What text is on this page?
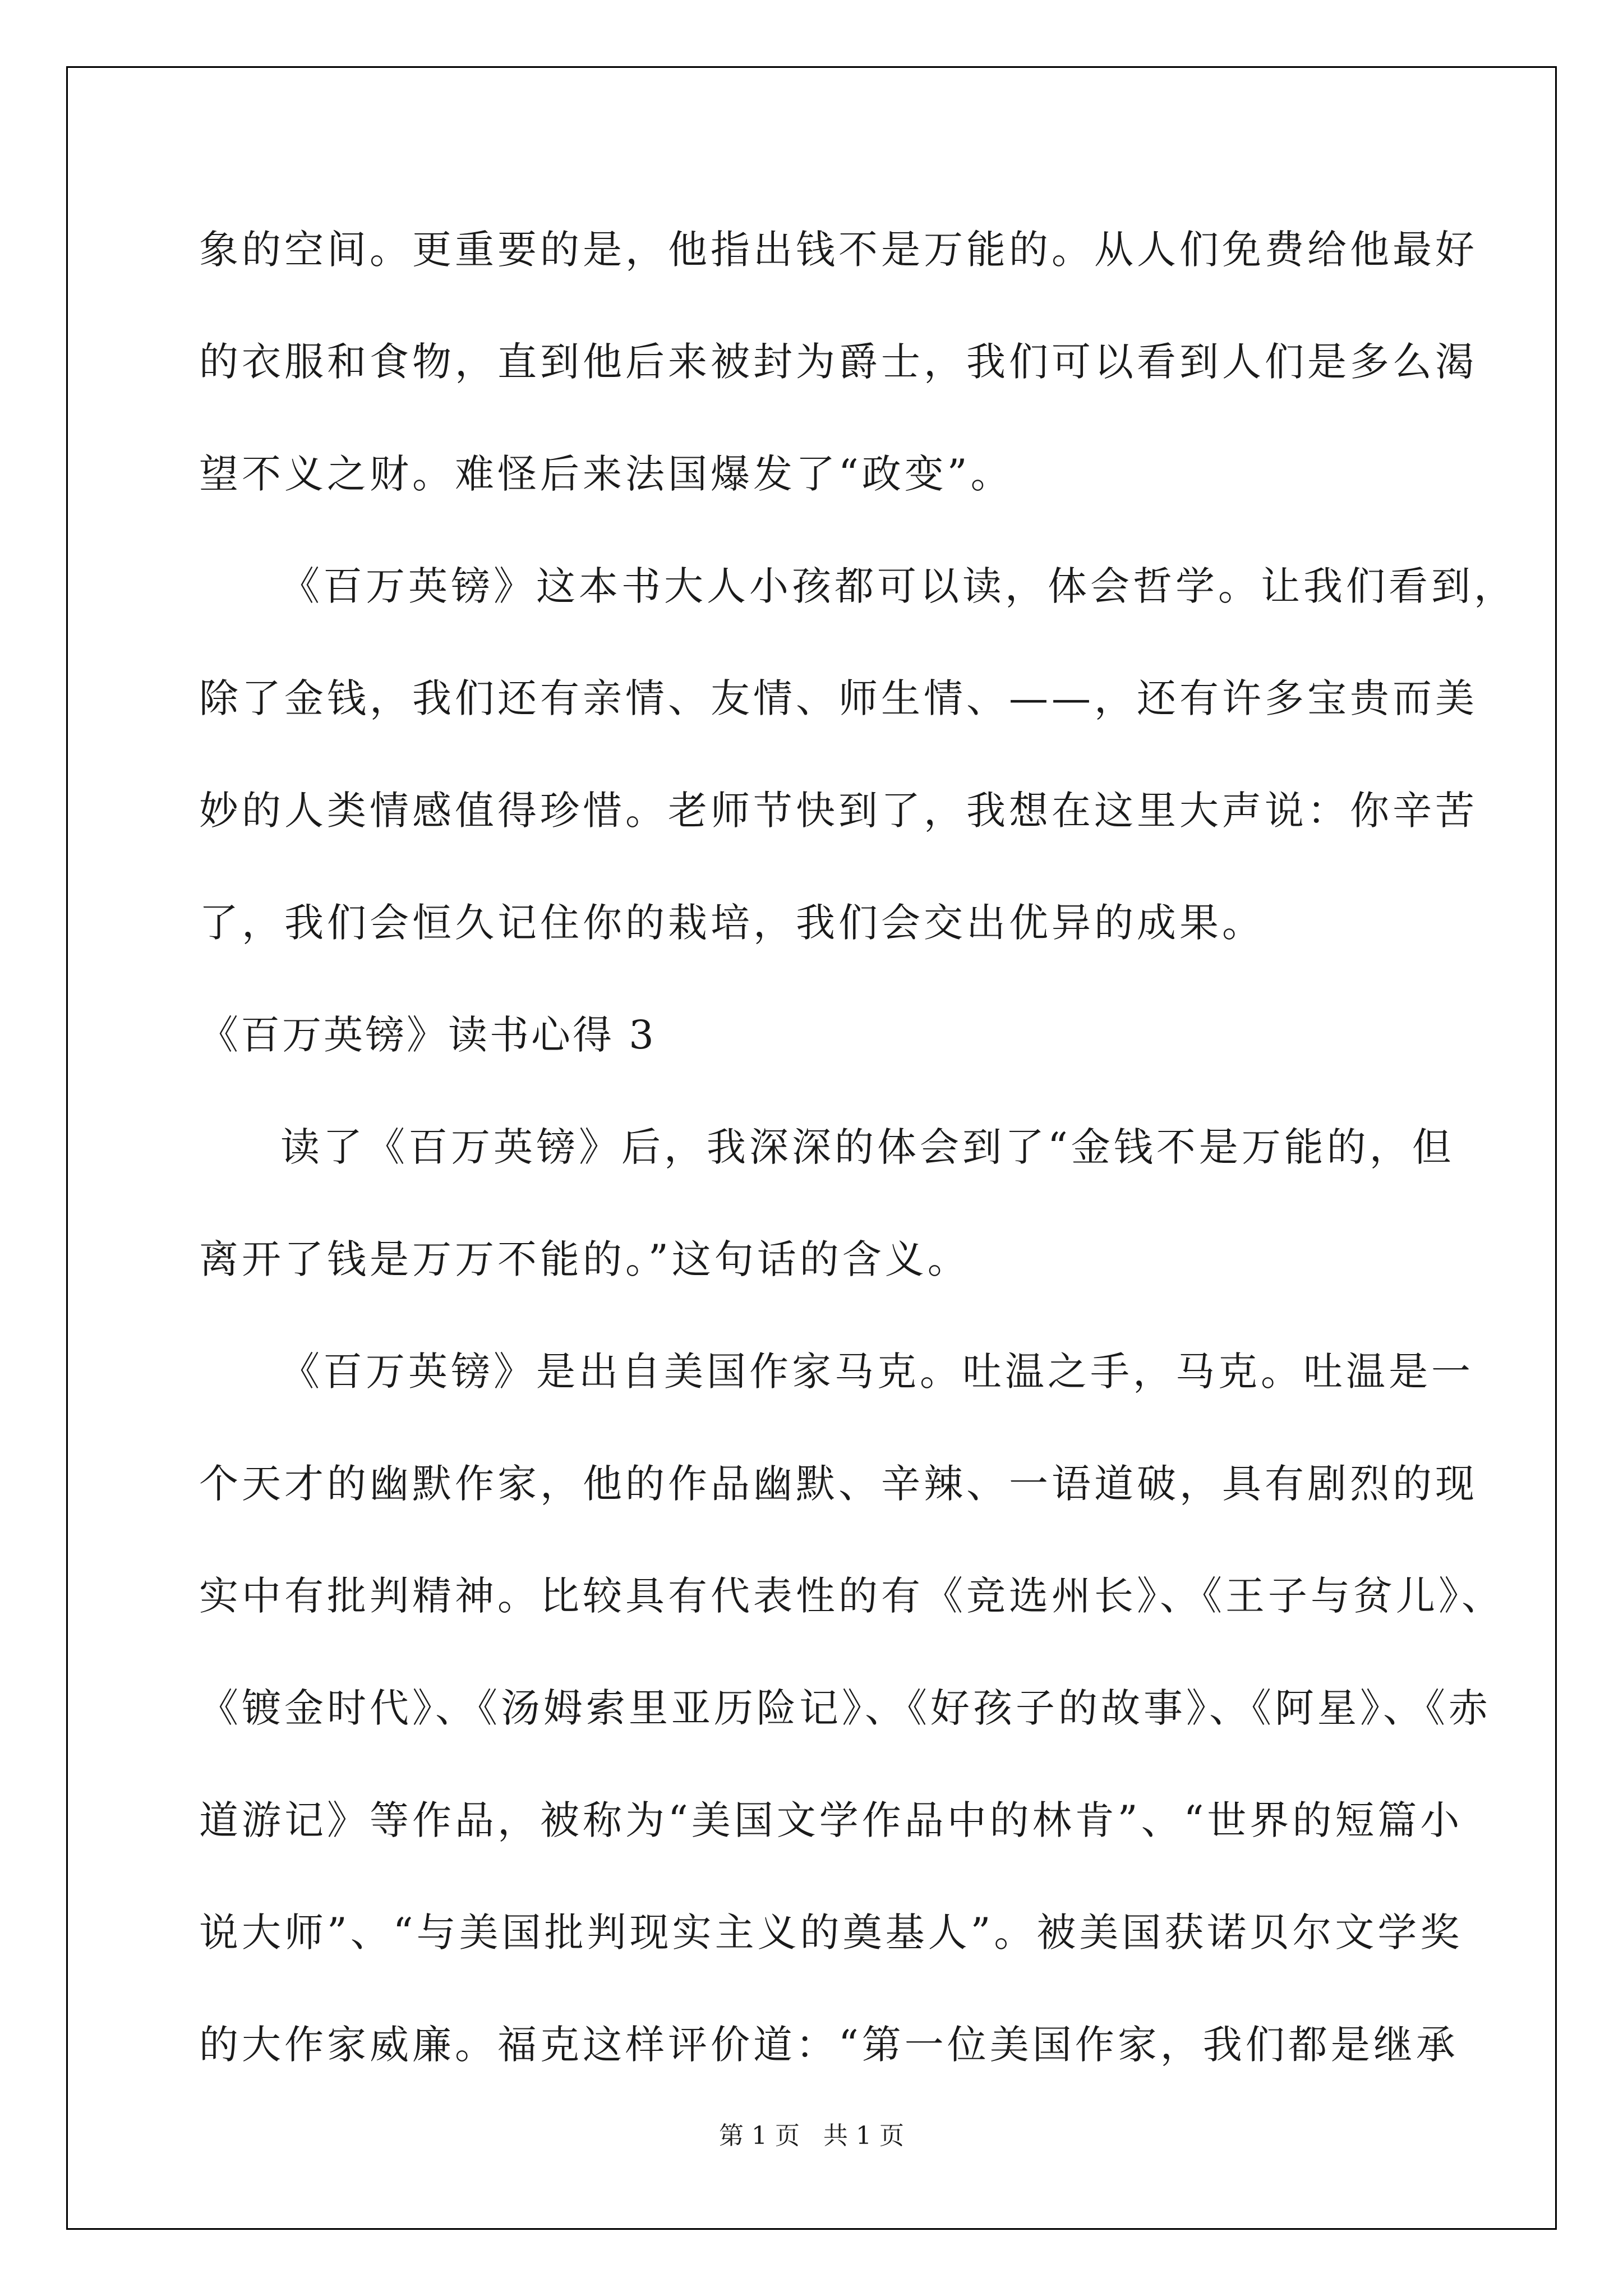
象的空间。更重要的是，他指出钱不是万能的。从人们免费给他最好
的衣服和食物，直到他后来被封为爵士，我们可以看到人们是多么渴
望不义之财。难怪后来法国爆发了“政变”。
《百万英镑》这本书大人小孩都可以读，体会哲学。让我们看到，
除了金钱，我们还有亲情、友情、师生情、——，还有许多宝贵而美
妙的人类情感值得珍惜。老师节快到了，我想在这里大声说：你辛苦
了，我们会恒久记住你的栽培，我们会交出优异的成果。
《百万英镑》读书心得 3
读了《百万英镑》后，我深深的体会到了“金钱不是万能的，但
离开了钱是万万不能的。”这句话的含义。
《百万英镑》是出自美国作家马克。吐温之手，马克。吐温是一
个天才的幽默作家，他的作品幽默、辛辣、一语道破，具有剧烈的现
实中有批判精神。比较具有代表性的有《竞选州长》、《王子与贫儿》、
《镀金时代》、《汤姆索里亚历险记》、《好孩子的故事》、《阿星》、《赤
道游记》等作品，被称为“美国文学作品中的林肯”、“世界的短篇小
说大师”、“与美国批判现实主义的奠基人”。被美国获诺贝尔文学奖
的大作家威廉。福克这样评价道：“第一位美国作家，我们都是继承
第 1 页 共 1 页
